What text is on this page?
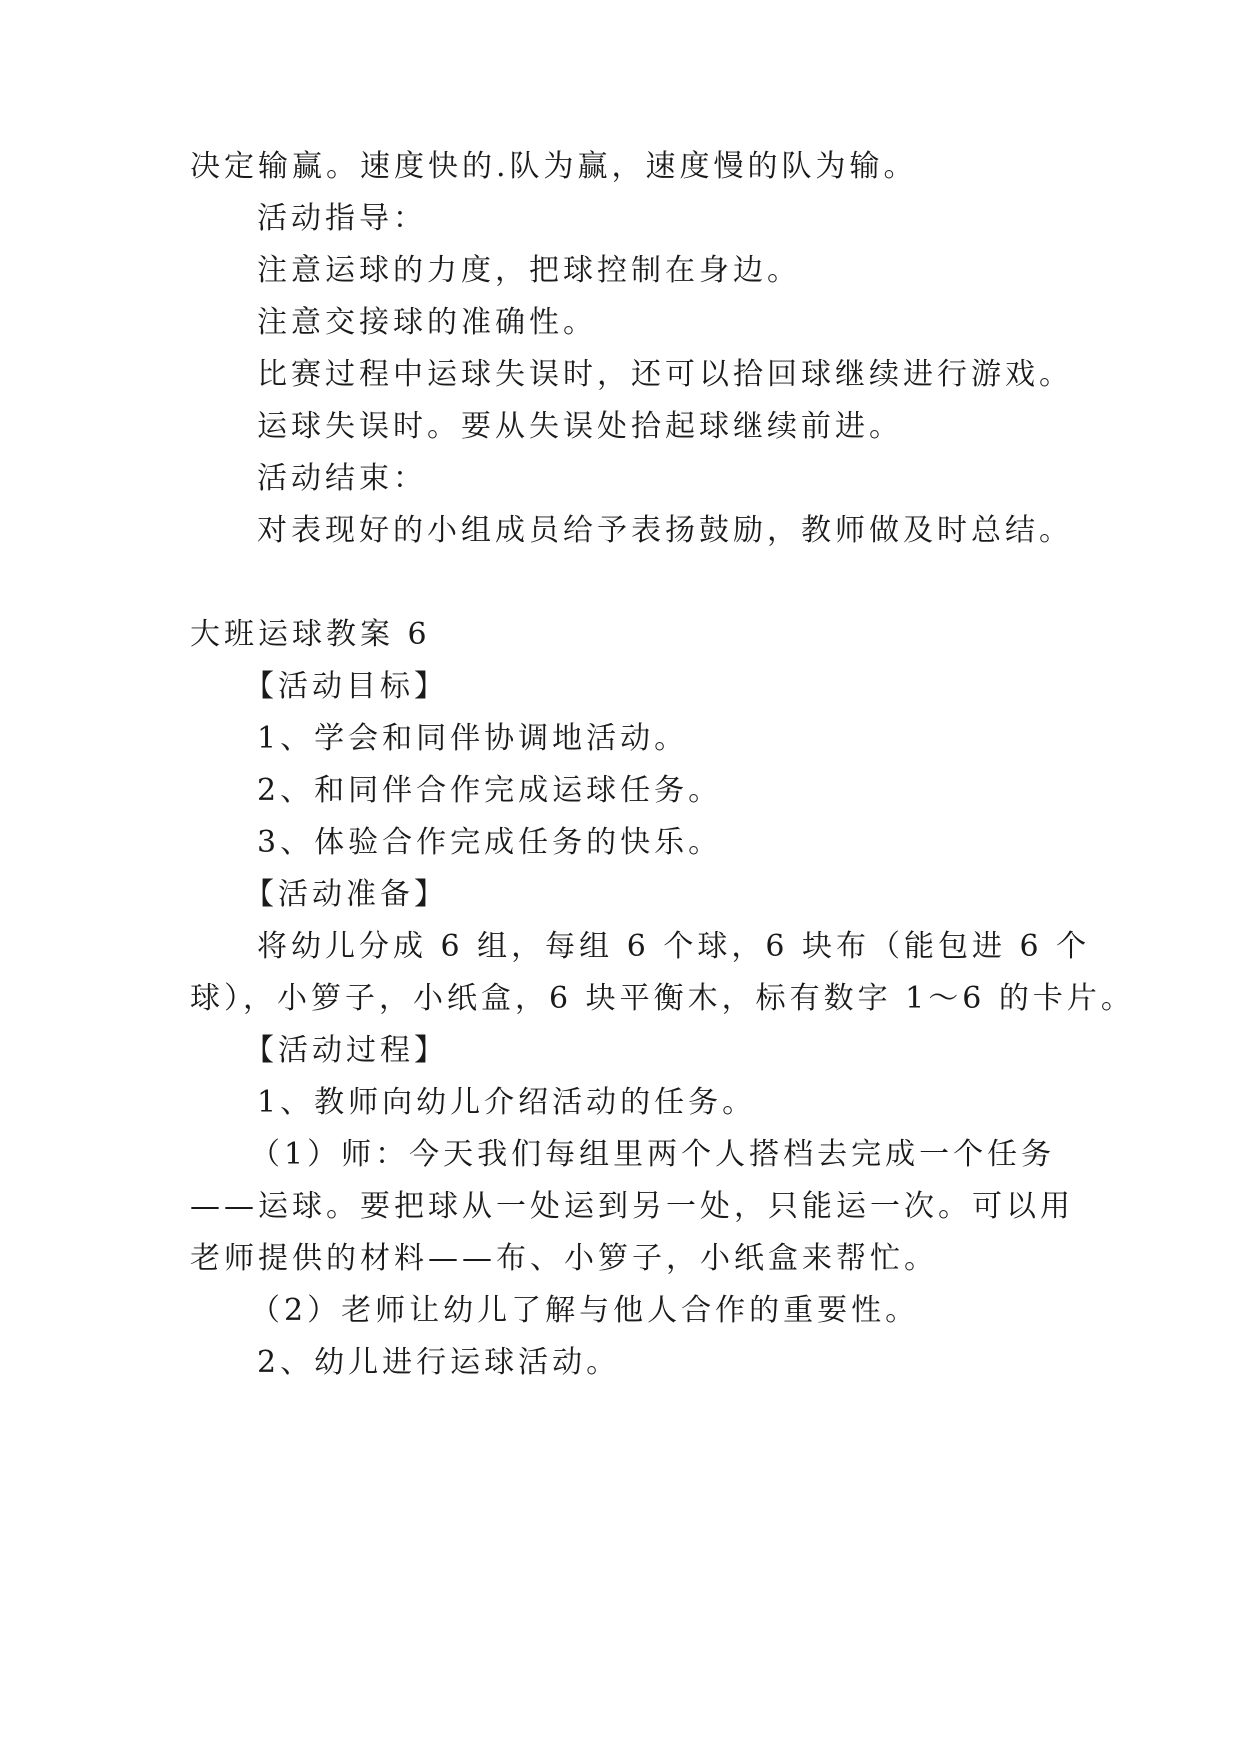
决定输赢。速度快的.队为赢，速度慢的队为输。
活动指导：
注意运球的力度，把球控制在身边。
注意交接球的准确性。
比赛过程中运球失误时，还可以拾回球继续进行游戏。
运球失误时。要从失误处拾起球继续前进。
活动结束：
对表现好的小组成员给予表扬鼓励，教师做及时总结。
大班运球教案 6
【活动目标】
1、学会和同伴协调地活动。
2、和同伴合作完成运球任务。
3、体验合作完成任务的快乐。
【活动准备】
将幼儿分成 6 组，每组 6 个球，6 块布（能包进 6 个
球），小箩子，小纸盒，6 块平衡木，标有数字 1～6 的卡片。
【活动过程】
1、教师向幼儿介绍活动的任务。
（1）师：今天我们每组里两个人搭档去完成一个任务
——运球。要把球从一处运到另一处，只能运一次。可以用
老师提供的材料——布、小箩子，小纸盒来帮忙。
（2）老师让幼儿了解与他人合作的重要性。
2、幼儿进行运球活动。
